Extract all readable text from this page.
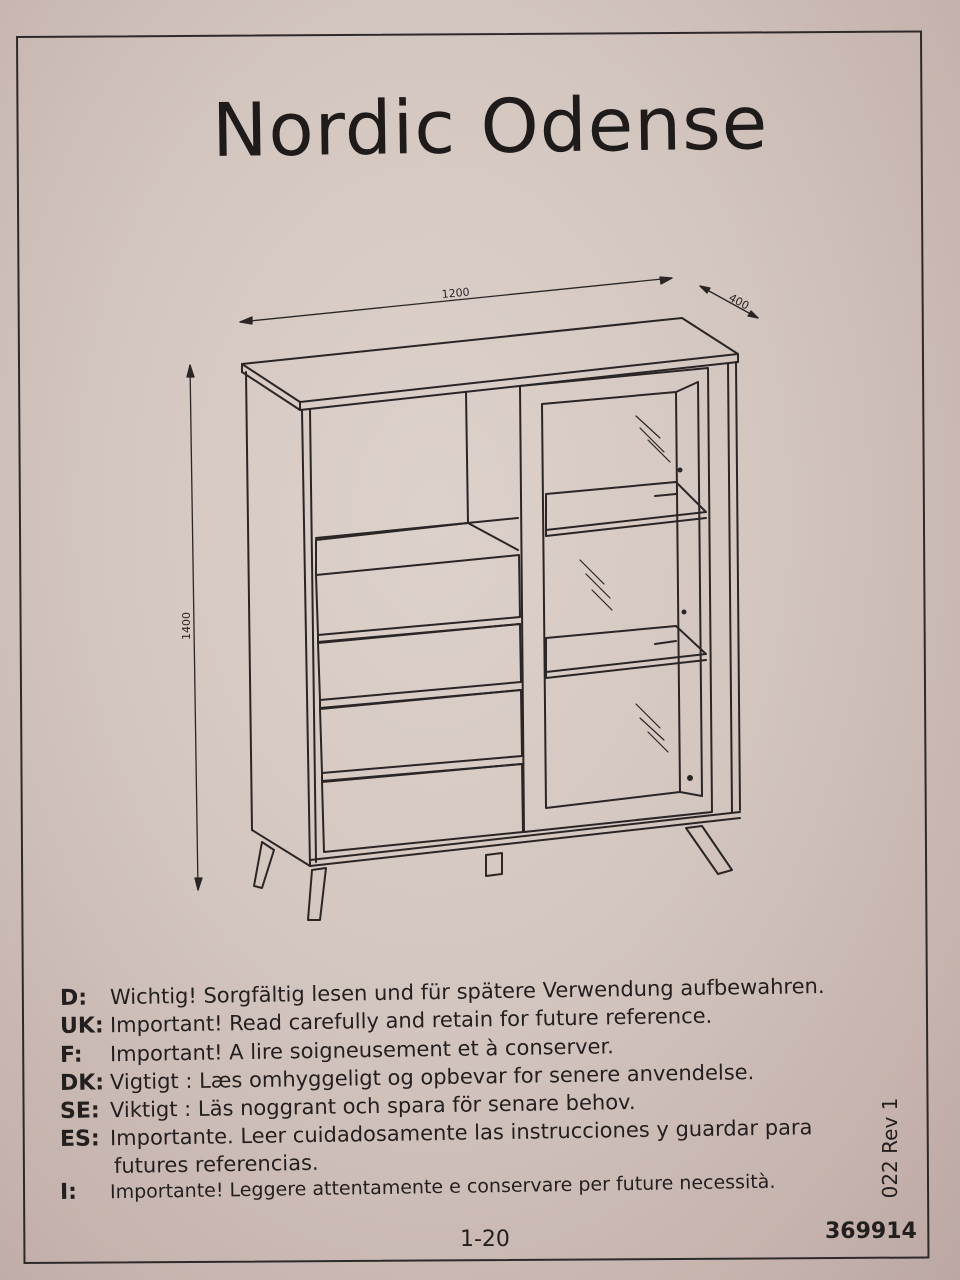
Nordic Odense
1200	400
1400
D: Wichtig! Sorgfältig lesen und für spätere Verwendung aufbewahren.
UK: Important! Read carefully and retain for future reference.
F: Important! A lire soigneusement et à conserver.
DK: Vigtigt : Læs omhyggeligt og opbevar for senere anvendelse.
SE: Viktigt : Läs noggrant och spara för senare behov.
ES: Importante. Leer cuidadosamente las instrucciones y guardar para
futures referencias.
I: Importante! Leggere attentamente e conservare per future necessità.
1-20	369914
022 Rev 1
